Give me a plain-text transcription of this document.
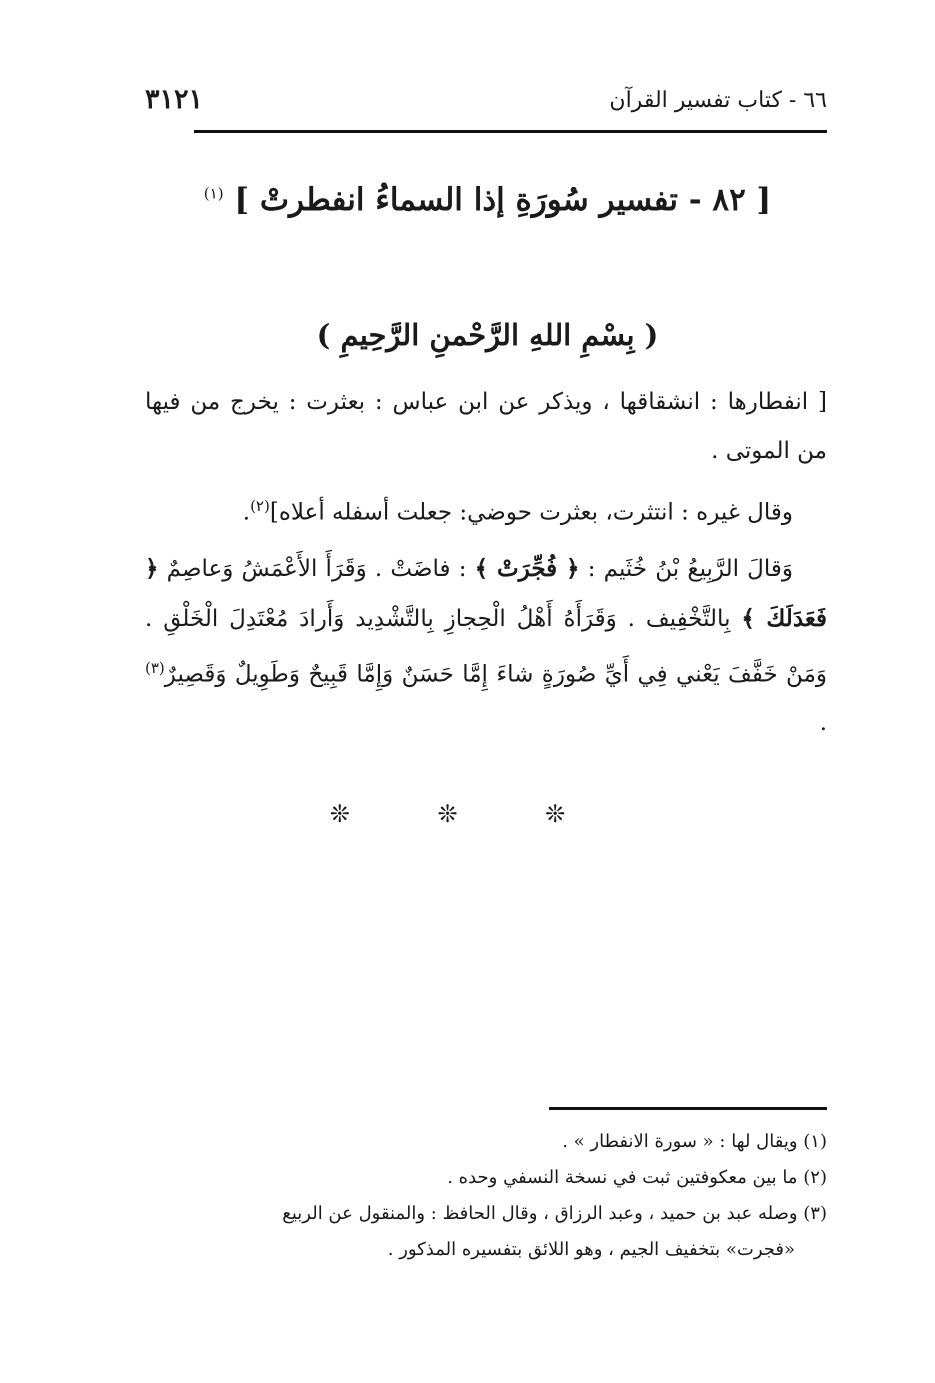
٦٦ - كتاب تفسير القرآن
٣١٢١
[ ٨٢ - تفسير سُورَةِ إذا السماءُ انفطرتْ ] $^{(١)}$
( بِسْمِ اللهِ الرَّحْمنِ الرَّحِيمِ )

[ انفطارها : انشقاقها ، ويذكر عن ابن عباس : بعثرت : يخرج من فيها من الموتى .

وقال غيره : انتثرت، بعثرت حوضي: جعلت أسفله أعلاه]$^{(٢)}$.

وَقالَ الرَّبِيعُ بْنُ خُثَيم : ﴿ فُجِّرَتْ ﴾ : فاضَتْ . وَقَرَأَ الأَعْمَشُ وَعاصِمٌ ﴿ فَعَدَلَكَ ﴾ بِالتَّخْفِيف . وَقَرَأَهُ أَهْلُ الْحِجازِ بِالتَّشْدِيد وَأَرادَ مُعْتَدِلَ الْخَلْقِ . وَمَنْ خَفَّفَ يَعْني فِي أَيِّ صُورَةٍ شاءَ إِمَّا حَسَنٌ وَإِمَّا قَبِيحٌ وَطَوِيلٌ وَقَصِيرٌ$^{(٣)}$ .

❊ ❊ ❊

(١) ويقال لها : « سورة الانفطار » .

(٢) ما بين معكوفتين ثبت في نسخة النسفي وحده .

(٣) وصله عبد بن حميد ، وعبد الرزاق ، وقال الحافظ : والمنقول عن الربيع

«فجرت» بتخفيف الجيم ، وهو اللائق بتفسيره المذكور .
